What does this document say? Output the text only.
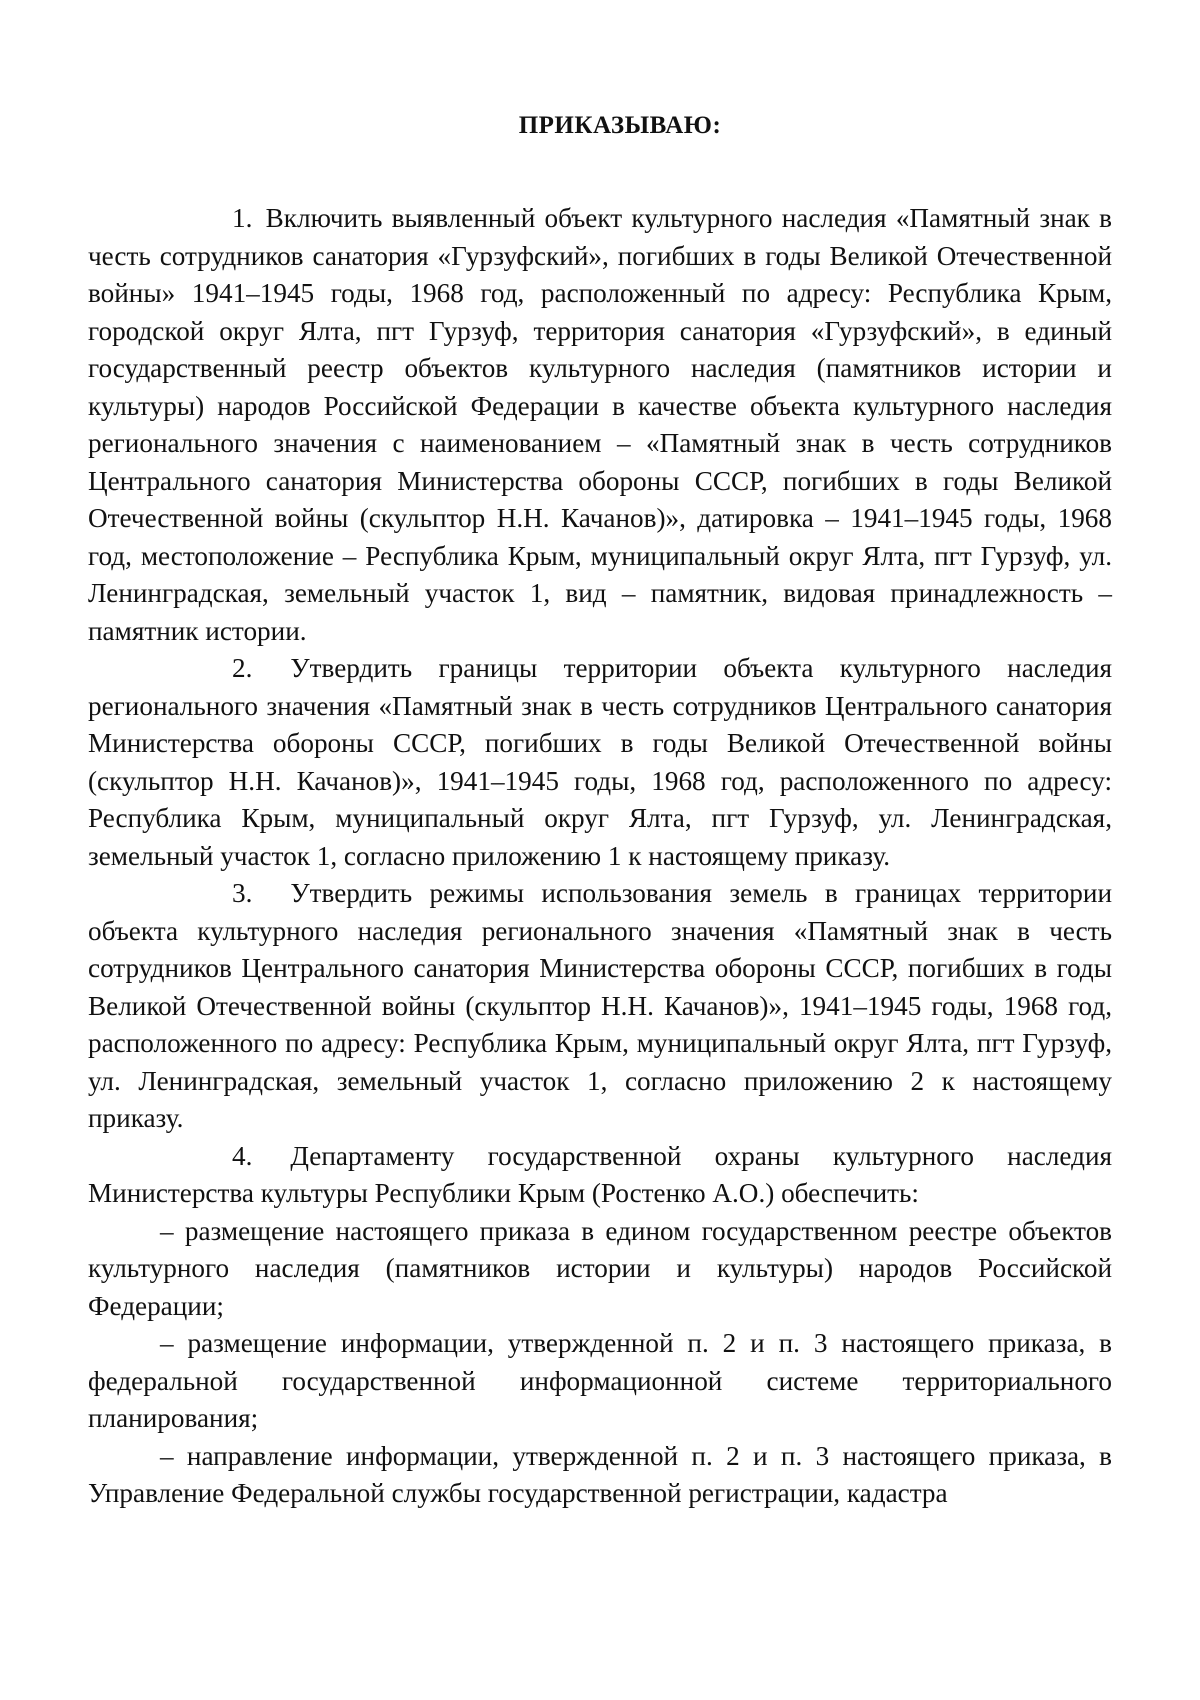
ПРИКАЗЫВАЮ:

1. Включить выявленный объект культурного наследия «Памятный знак в честь сотрудников санатория «Гурзуфский», погибших в годы Великой Отечественной войны» 1941–1945 годы, 1968 год, расположенный по адресу: Республика Крым, городской округ Ялта, пгт Гурзуф, территория санатория «Гурзуфский», в единый государственный реестр объектов культурного наследия (памятников истории и культуры) народов Российской Федерации в качестве объекта культурного наследия регионального значения с наименованием – «Памятный знак в честь сотрудников Центрального санатория Министерства обороны СССР, погибших в годы Великой Отечественной войны (скульптор Н.Н. Качанов)», датировка – 1941–1945 годы, 1968 год, местоположение – Республика Крым, муниципальный округ Ялта, пгт Гурзуф, ул. Ленинградская, земельный участок 1, вид – памятник, видовая принадлежность – памятник истории.

2. Утвердить границы территории объекта культурного наследия регионального значения «Памятный знак в честь сотрудников Центрального санатория Министерства обороны СССР, погибших в годы Великой Отечественной войны (скульптор Н.Н. Качанов)», 1941–1945 годы, 1968 год, расположенного по адресу: Республика Крым, муниципальный округ Ялта, пгт Гурзуф, ул. Ленинградская, земельный участок 1, согласно приложению 1 к настоящему приказу.

3. Утвердить режимы использования земель в границах территории объекта культурного наследия регионального значения «Памятный знак в честь сотрудников Центрального санатория Министерства обороны СССР, погибших в годы Великой Отечественной войны (скульптор Н.Н. Качанов)», 1941–1945 годы, 1968 год, расположенного по адресу: Республика Крым, муниципальный округ Ялта, пгт Гурзуф, ул. Ленинградская, земельный участок 1, согласно приложению 2 к настоящему приказу.

4. Департаменту государственной охраны культурного наследия Министерства культуры Республики Крым (Ростенко А.О.) обеспечить:

– размещение настоящего приказа в едином государственном реестре объектов культурного наследия (памятников истории и культуры) народов Российской Федерации;

– размещение информации, утвержденной п. 2 и п. 3 настоящего приказа, в федеральной государственной информационной системе территориального планирования;

– направление информации, утвержденной п. 2 и п. 3 настоящего приказа, в Управление Федеральной службы государственной регистрации, кадастра
